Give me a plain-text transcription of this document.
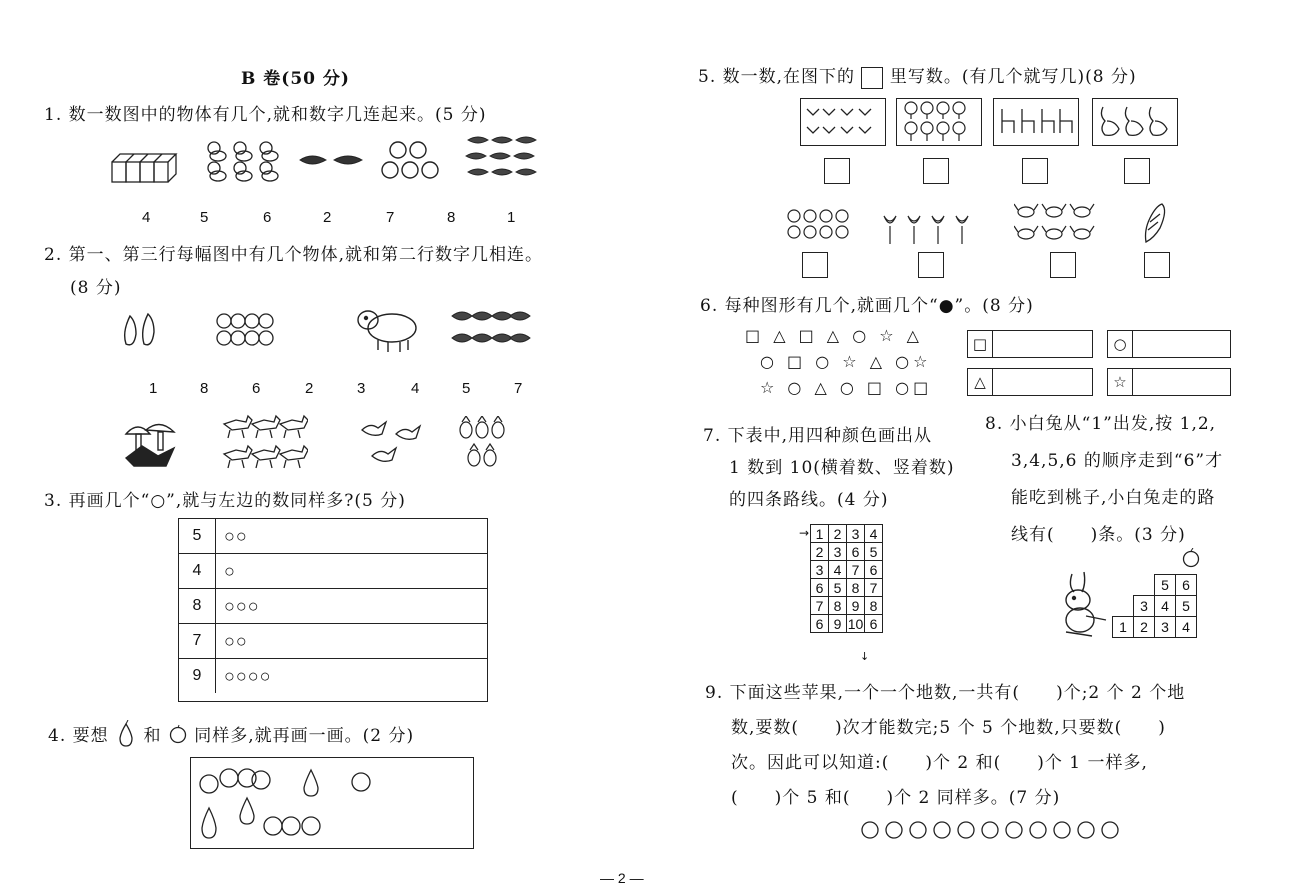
B 卷(50 分)
1. 数一数图中的物体有几个,就和数字几连起来。(5 分)
4	5	6	2	7	8	1
2. 第一、第三行每幅图中有几个物体,就和第二行数字几相连。
(8 分)
1	8	6	2	3	4	5	7
3. 再画几个“○”,就与左边的数同样多?(5 分)
5	○○
4	○
8	○○○
7	○○
9	○○○○
4. 要想 和 同样多,就再画一画。(2 分)
5. 数一数,在图下的 里写数。(有几个就写几)(8 分)
6. 每种图形有几个,就画几个“●”。(8 分)
□ △ □ △ ○ ☆ △
○ □ ○ ☆ △ ○☆
☆ ○ △ ○ □ ○□
□	○
△	☆
7. 下表中,用四种颜色画出从
1 数到 10(横着数、竖着数)
的四条路线。(4 分)
→ 1	2	3	4
2	3	6	5
3	4	7	6
6	5	8	7
7	8	9	8
6	9	10	6
↓
8. 小白兔从“1”出发,按 1,2,
3,4,5,6 的顺序走到“6”才
能吃到桃子,小白兔走的路
线有(　　)条。(3 分)
1 2 3 4
3 4 5
5 6
9. 下面这些苹果,一个一个地数,一共有(　　)个;2 个 2 个地
数,要数(　　)次才能数完;5 个 5 个地数,只要数(　　)
次。因此可以知道:(　　)个 2 和(　　)个 1 一样多,
(　　)个 5 和(　　)个 2 同样多。(7 分)
— 2 —
